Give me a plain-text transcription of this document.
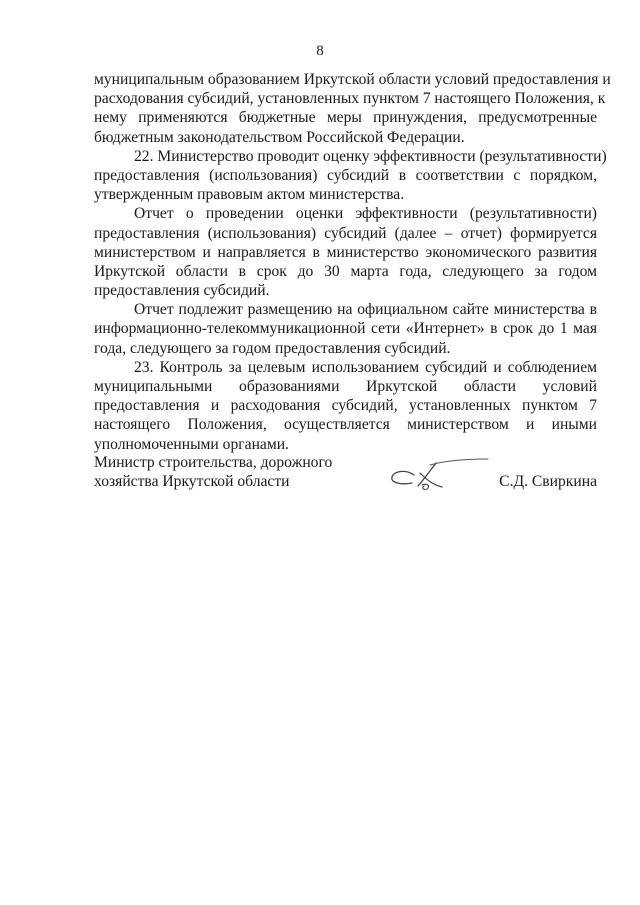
8
муниципальным образованием Иркутской области условий предоставления и
расходования субсидий, установленных пунктом 7 настоящего Положения, к
нему применяются бюджетные меры принуждения, предусмотренные
бюджетным законодательством Российской Федерации.
22. Министерство проводит оценку эффективности (результативности)
предоставления (использования) субсидий в соответствии с порядком,
утвержденным правовым актом министерства.
Отчет о проведении оценки эффективности (результативности)
предоставления (использования) субсидий (далее – отчет) формируется
министерством и направляется в министерство экономического развития
Иркутской области в срок до 30 марта года, следующего за годом
предоставления субсидий.
Отчет подлежит размещению на официальном сайте министерства в
информационно-телекоммуникационной сети «Интернет» в срок до 1 мая
года, следующего за годом предоставления субсидий.
23. Контроль за целевым использованием субсидий и соблюдением
муниципальными образованиями Иркутской области условий
предоставления и расходования субсидий, установленных пунктом 7
настоящего Положения, осуществляется министерством и иными
уполномоченными органами.
Министр строительства, дорожного
хозяйства Иркутской области	С.Д. Свиркина
